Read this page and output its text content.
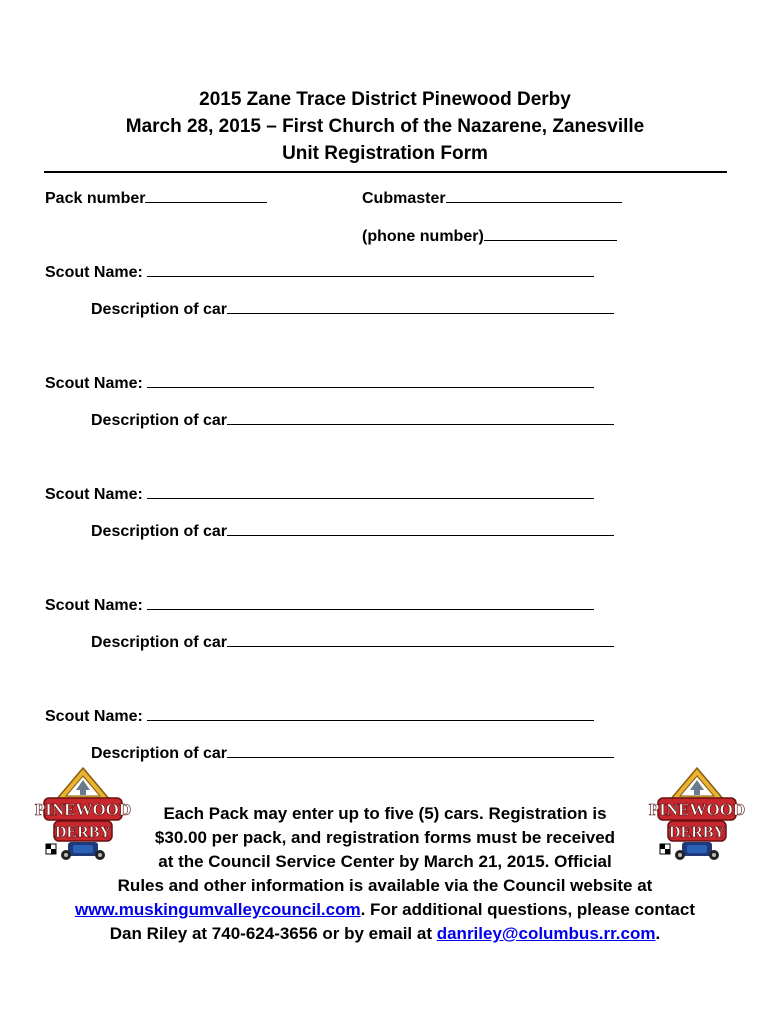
2015 Zane Trace District Pinewood Derby
March 28, 2015 – First Church of the Nazarene, Zanesville
Unit Registration Form
Pack number	Cubmaster
(phone number)
Scout Name:
Description of car
Scout Name:
Description of car
Scout Name:
Description of car
Scout Name:
Description of car
Scout Name:
Description of car
PINEWOOD
DERBY
PINEWOOD
DERBY
Each Pack may enter up to five (5) cars. Registration is
$30.00 per pack, and registration forms must be received
at the Council Service Center by March 21, 2015. Official
Rules and other information is available via the Council website at
www.muskingumvalleycouncil.com. For additional questions, please contact
Dan Riley at 740-624-3656 or by email at danriley@columbus.rr.com.
